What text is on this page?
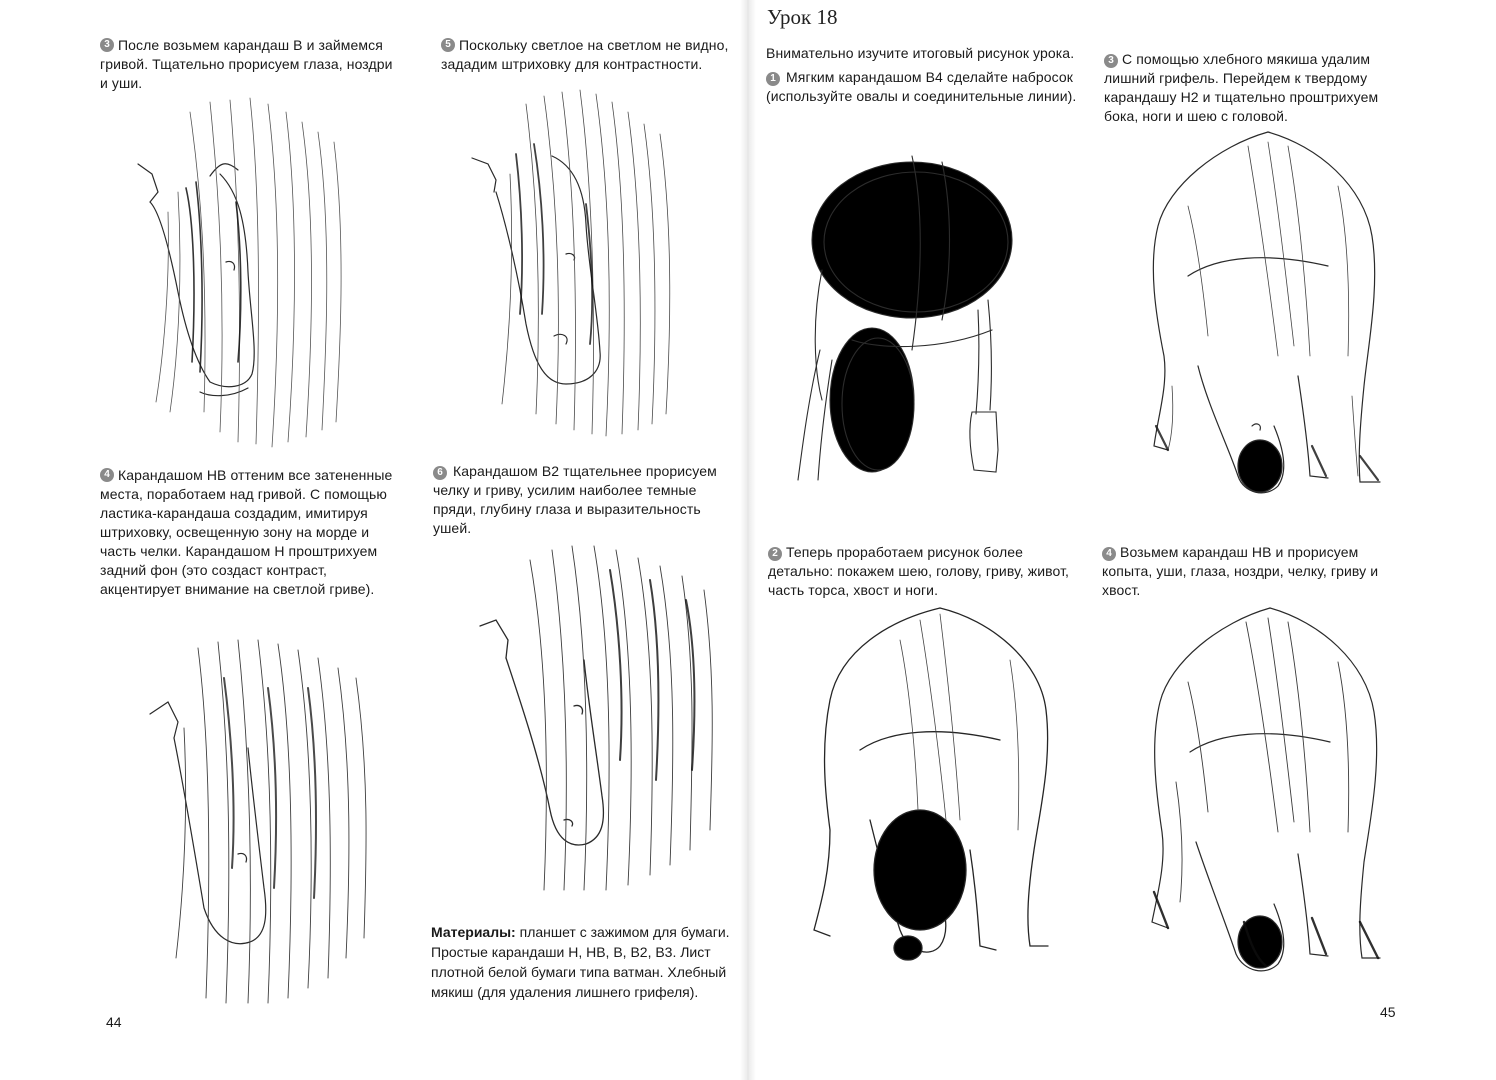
3 После возьмем карандаш В и займемся гривой. Тщательно прорисуем глаза, ноздри и уши.

5 Поскольку светлое на светлом не видно, зададим штриховку для контрастности.

4 Карандашом НВ оттеним все затененные места, поработаем над гривой. С помощью ластика-карандаша создадим, имитируя штриховку, освещенную зону на морде и часть челки. Карандашом Н проштрихуем задний фон (это создаст контраст, акцентирует внимание на светлой гриве).

6 Карандашом В2 тщательнее прорисуем челку и гриву, усилим наиболее темные пряди, глубину глаза и выразительность ушей.

Материалы: планшет с зажимом для бумаги. Простые карандаши Н, НВ, В, В2, В3. Лист плотной белой бумаги типа ватман. Хлебный мякиш (для удаления лишнего грифеля).
44
Урок 18

Внимательно изучите итоговый рисунок урока.

1 Мягким карандашом В4 сделайте набросок (используйте овалы и соединительные линии).

3 С помощью хлебного мякиша удалим лишний грифель. Перейдем к твердому карандашу Н2 и тщательно проштрихуем бока, ноги и шею с головой.

2 Теперь проработаем рисунок более детально: покажем шею, голову, гриву, живот, часть торса, хвост и ноги.

4 Возьмем карандаш НВ и прорисуем копыта, уши, глаза, ноздри, челку, гриву и хвост.

45
